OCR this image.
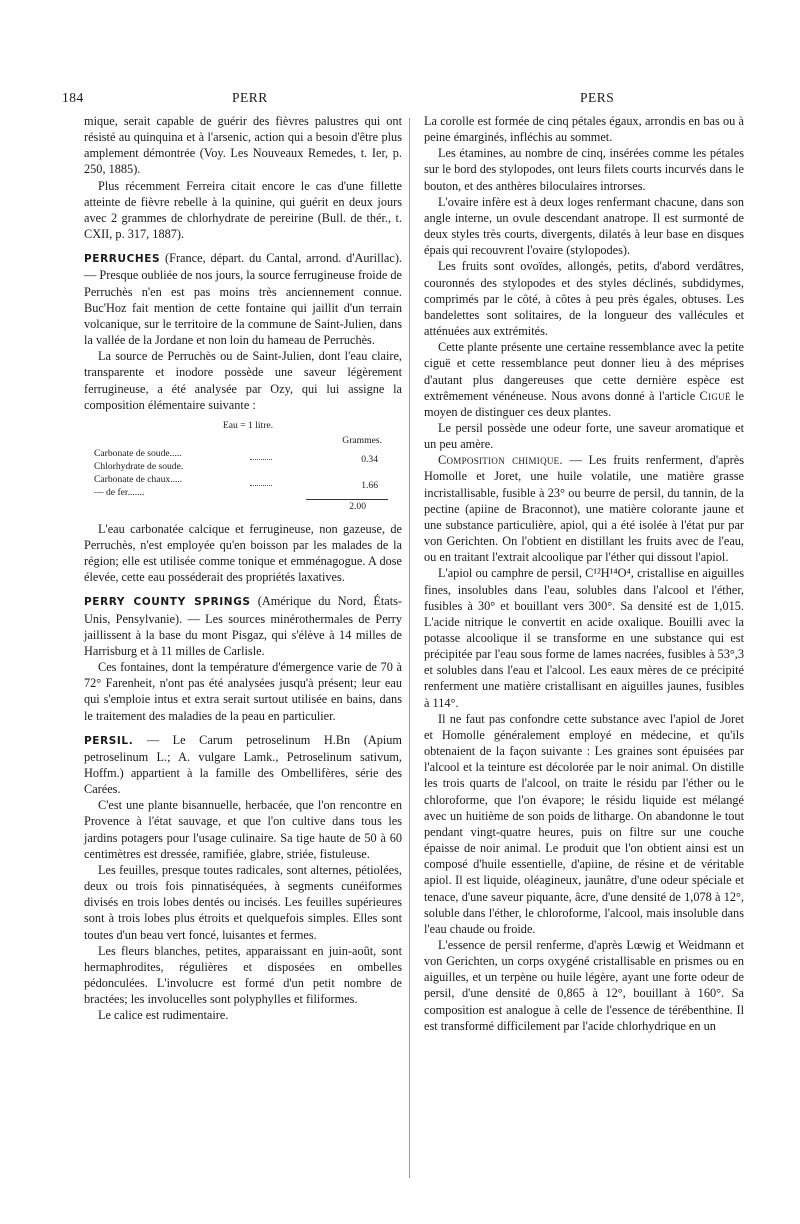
184	PERR	PERS

mique, serait capable de guérir des fièvres palustres qui ont résisté au quinquina et à l'arsenic, action qui a besoin d'être plus amplement démontrée (Voy. Les Nouveaux Remedes, t. Ier, p. 250, 1885).

Plus récemment Ferreira citait encore le cas d'une fillette atteinte de fièvre rebelle à la quinine, qui guérit en deux jours avec 2 grammes de chlorhydrate de pereirine (Bull. de thér., t. CXII, p. 317, 1887).

PERRUCHES (France, départ. du Cantal, arrond. d'Aurillac). — Presque oubliée de nos jours, la source ferrugineuse froide de Perruchès n'en est pas moins très anciennement connue. Buc'Hoz fait mention de cette fontaine qui jaillit d'un terrain volcanique, sur le territoire de la commune de Saint-Julien, dans la vallée de la Jordane et non loin du hameau de Perruchès.

La source de Perruchès ou de Saint-Julien, dont l'eau claire, transparente et inodore possède une saveur légèrement ferrugineuse, a été analysée par Ozy, qui lui assigne la composition élémentaire suivante :

Eau = 1 litre.
Grammes.
Carbonate de soude.....
Chlorhydrate de soude.
0.34
Carbonate de chaux.....
— de fer.......
1.66
2.00

L'eau carbonatée calcique et ferrugineuse, non gazeuse, de Perruchès, n'est employée qu'en boisson par les malades de la région; elle est utilisée comme tonique et emménagogue. A dose élevée, cette eau posséderait des propriétés laxatives.

PERRY COUNTY SPRINGS (Amérique du Nord, États-Unis, Pensylvanie). — Les sources minérothermales de Perry jaillissent à la base du mont Pisgaz, qui s'élève à 14 milles de Harrisburg et à 11 milles de Carlisle.

Ces fontaines, dont la température d'émergence varie de 70 à 72° Farenheit, n'ont pas été analysées jusqu'à présent; leur eau qui s'emploie intus et extra serait surtout utilisée en bains, dans le traitement des maladies de la peau en particulier.

PERSIL. — Le Carum petroselinum H.Bn (Apium petroselinum L.; A. vulgare Lamk., Petroselinum sativum, Hoffm.) appartient à la famille des Ombellifères, série des Carées.

C'est une plante bisannuelle, herbacée, que l'on rencontre en Provence à l'état sauvage, et que l'on cultive dans tous les jardins potagers pour l'usage culinaire. Sa tige haute de 50 à 60 centimètres est dressée, ramifiée, glabre, striée, fistuleuse.

Les feuilles, presque toutes radicales, sont alternes, pétiolées, deux ou trois fois pinnatiséquées, à segments cunéiformes divisés en trois lobes dentés ou incisés. Les feuilles supérieures sont à trois lobes plus étroits et quelquefois simples. Elles sont toutes d'un beau vert foncé, luisantes et fermes.

Les fleurs blanches, petites, apparaissant en juin-août, sont hermaphrodites, régulières et disposées en ombelles pédonculées. L'involucre est formé d'un petit nombre de bractées; les involucelles sont polyphylles et filiformes.

Le calice est rudimentaire.

La corolle est formée de cinq pétales égaux, arrondis en bas ou à peine émarginés, infléchis au sommet.

Les étamines, au nombre de cinq, insérées comme les pétales sur le bord des stylopodes, ont leurs filets courts incurvés dans le bouton, et des anthères biloculaires introrses.

L'ovaire infère est à deux loges renfermant chacune, dans son angle interne, un ovule descendant anatrope. Il est surmonté de deux styles très courts, divergents, dilatés à leur base en disques épais qui recouvrent l'ovaire (stylopodes).

Les fruits sont ovoïdes, allongés, petits, d'abord verdâtres, couronnés des stylopodes et des styles déclinés, subdidymes, comprimés par le côté, à côtes à peu près égales, obtuses. Les bandelettes sont solitaires, de la longueur des vallécules et atténuées aux extrémités.

Cette plante présente une certaine ressemblance avec la petite ciguë et cette ressemblance peut donner lieu à des méprises d'autant plus dangereuses que cette dernière espèce est extrêmement vénéneuse. Nous avons donné à l'article Ciguë le moyen de distinguer ces deux plantes.

Le persil possède une odeur forte, une saveur aromatique et un peu amère.

Composition chimique. — Les fruits renferment, d'après Homolle et Joret, une huile volatile, une matière grasse incristallisable, fusible à 23° ou beurre de persil, du tannin, de la pectine (apiine de Braconnot), une matière colorante jaune et une substance particulière, apiol, qui a été isolée à l'état pur par von Gerichten. On l'obtient en distillant les fruits avec de l'eau, ou en traitant l'extrait alcoolique par l'éther qui dissout l'apiol.

L'apiol ou camphre de persil, C¹²H¹⁴O⁴, cristallise en aiguilles fines, insolubles dans l'eau, solubles dans l'alcool et l'éther, fusibles à 30° et bouillant vers 300°. Sa densité est de 1,015. L'acide nitrique le convertit en acide oxalique. Bouilli avec la potasse alcoolique il se transforme en une substance qui est précipitée par l'eau sous forme de lames nacrées, fusibles à 53°,3 et solubles dans l'eau et l'alcool. Les eaux mères de ce précipité renferment une matière cristallisant en aiguilles jaunes, fusibles à 114°.

Il ne faut pas confondre cette substance avec l'apiol de Joret et Homolle généralement employé en médecine, et qu'ils obtenaient de la façon suivante : Les graines sont épuisées par l'alcool et la teinture est décolorée par le noir animal. On distille les trois quarts de l'alcool, on traite le résidu par l'éther ou le chloroforme, que l'on évapore; le résidu liquide est mélangé avec un huitième de son poids de litharge. On abandonne le tout pendant vingt-quatre heures, puis on filtre sur une couche épaisse de noir animal. Le produit que l'on obtient ainsi est un composé d'huile essentielle, d'apiine, de résine et de véritable apiol. Il est liquide, oléagineux, jaunâtre, d'une odeur spéciale et tenace, d'une saveur piquante, âcre, d'une densité de 1,078 à 12°, soluble dans l'éther, le chloroforme, l'alcool, mais insoluble dans l'eau chaude ou froide.

L'essence de persil renferme, d'après Lœwig et Weidmann et von Gerichten, un corps oxygéné cristallisable en prismes ou en aiguilles, et un terpène ou huile légère, ayant une forte odeur de persil, d'une densité de 0,865 à 12°, bouillant à 160°. Sa composition est analogue à celle de l'essence de térébenthine. Il est transformé difficilement par l'acide chlorhydrique en un
